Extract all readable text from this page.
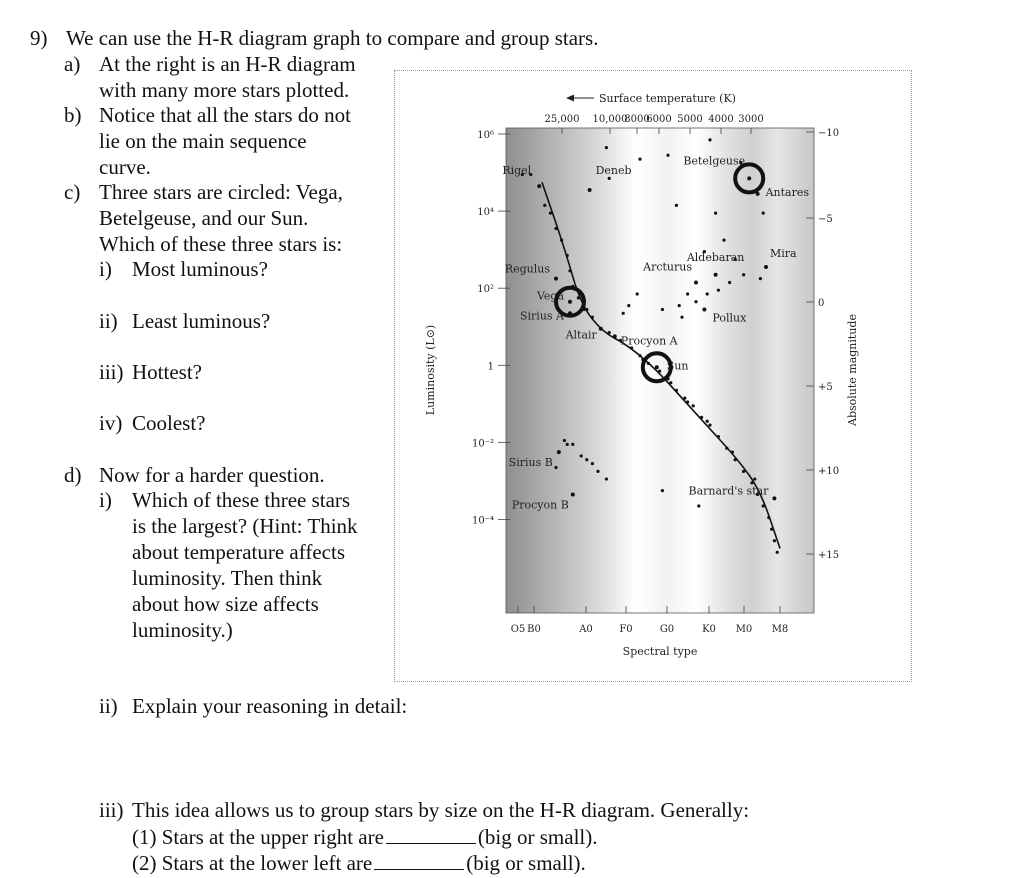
9) We can use the H-R diagram graph to compare and group stars.
a) At the right is an H-R diagram
with many more stars plotted.
b) Notice that all the stars do not
lie on the main sequence
curve.
c) Three stars are circled: Vega,
Betelgeuse, and our Sun.
Which of these three stars is:
i) Most luminous?
ii) Least luminous?
iii) Hottest?
iv) Coolest?
d) Now for a harder question.
i) Which of these three stars
is the largest? (Hint: Think
about temperature affects
luminosity. Then think
about how size affects
luminosity.)
ii) Explain your reasoning in detail:
iii) This idea allows us to group stars by size on the H-R diagram. Generally:
(1) Stars at the upper right are	(big or small).
(2) Stars at the lower left are	(big or small).
Surface temperature (K)
25,000 10,000
8000
6000 5000 4000 3000
10⁶
10⁴
10²
1
10⁻²
10⁻⁴
−10
−5
0
+5
+10
+15
O5 B0	A0	F0	G0	K0 M0 M8
Spectral type
Luminosity (L⊙)	Absolute magnitude
Rigel	Deneb
Betelgeuse
Antares
Regulus
Vega
Sirius A
Altair
Arcturus
Aldebaran Mira
Pollux
Procyon A
Sun
Sirius B
Procyon B
Barnard's star
